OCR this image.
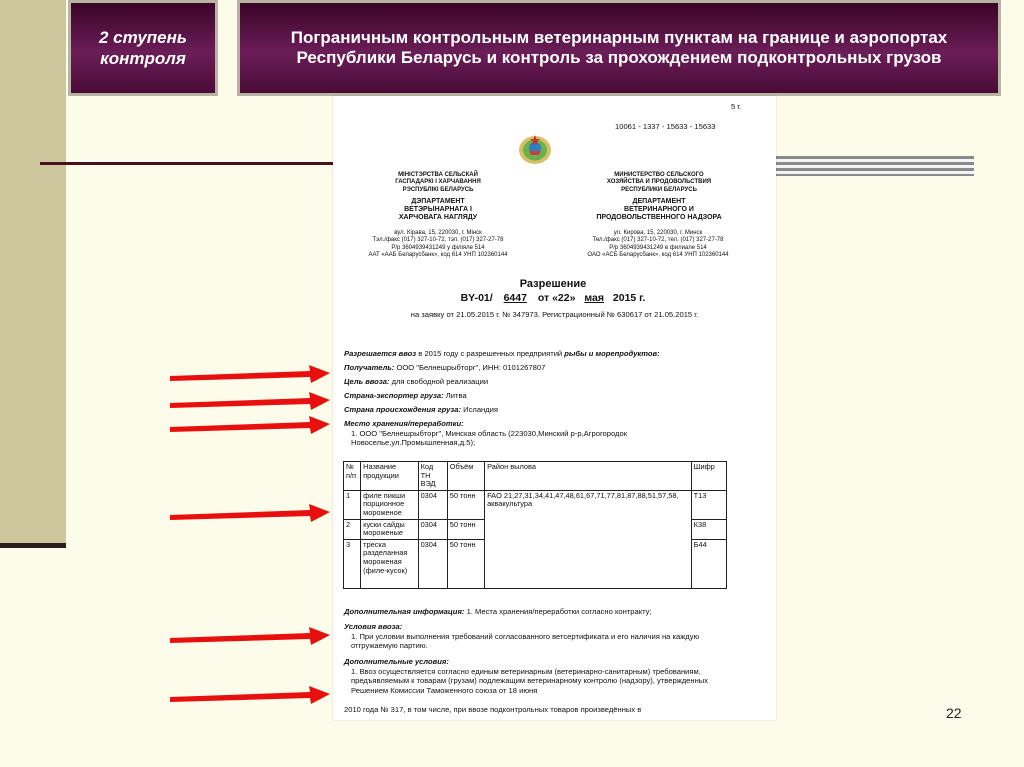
2 ступень контроля
Пограничным контрольным ветеринарным пунктам на границе и аэропортах Республики Беларусь и контроль за прохождением подконтрольных грузов
5 г.
10061 - 1337 - 15633 - 15633
МІНІСТЭРСТВА СЕЛЬСКАЙ
ГАСПАДАРКІ І ХАРЧАВАННЯ
РЭСПУБЛІКІ БЕЛАРУСЬ
ДЭПАРТАМЕНТ
ВЕТЭРЫНАРНАГА І
ХАРЧОВАГА НАГЛЯДУ
вул. Кірава, 15, 220030, г. Мінск
Тэл./факс (017) 327-10-72, тэл. (017) 327-27-78
Р/р 3604939431249 у філіяле 514
ААТ «ААБ Беларусбанк», код 614 УНП 102360144
МИНИСТЕРСТВО СЕЛЬСКОГО
ХОЗЯЙСТВА И ПРОДОВОЛЬСТВИЯ
РЕСПУБЛИКИ БЕЛАРУСЬ
ДЕПАРТАМЕНТ
ВЕТЕРИНАРНОГО И
ПРОДОВОЛЬСТВЕННОГО НАДЗОРА
ул. Кирова, 15, 220030, г. Минск
Тел./факс (017) 327-10-72, тел. (017) 327-27-78
Р/р 3604939431249 в филиале 514
ОАО «АСБ Беларусбанк», код 614 УНП 102360144
Разрешение
BY-01/ 6447 от «22» мая 2015 г.
на заявку от 21.05.2015 г. № 347973. Регистрационный № 630617 от 21.05.2015 г.
Разрешается ввоз в 2015 году с разрешенных предприятий рыбы и морепродуктов:
Получатель: ООО "Белнешрыбторг", ИНН: 0101267807
Цель ввоза: для свободной реализации
Страна-экспортер груза: Литва
Страна происхождения груза: Исландия
Место хранения/переработки:
1. ООО "Белнешрыбторг", Минская область (223030,Минский р-р,Агрогородок Новоселье,ул.Промышленная,д.5);
№ п/п	Название продукции	Код ТН ВЭД	Объём	Район вылова	Шифр
1	филе пикши порционное мороженое	0304	50 тонн	FAO 21,27,31,34,41,47,48,61,67,71,77,81,87,88,51,57,58, аквакультура	Т13
2	куски сайды мороженые	0304	50 тонн		К38
3	треска разделанная мороженая (филе-кусок)	0304	50 тонн		Б44
Дополнительная информация: 1. Места хранения/переработки согласно контракту;
Условия ввоза:
1. При условии выполнения требований согласованного ветсертификата и его наличия на каждую отгружаемую партию.
Дополнительные условия:
1. Ввоз осуществляется согласно единым ветеринарным (ветеринарно-санитарным) требованиям, предъявляемым к товарам (грузам) подлежащим ветеринарному контролю (надзору), утвержденных Решением Комиссии Таможенного союза от 18 июня
2010 года № 317, в том числе, при ввозе подконтрольных товаров произведённых в	22
